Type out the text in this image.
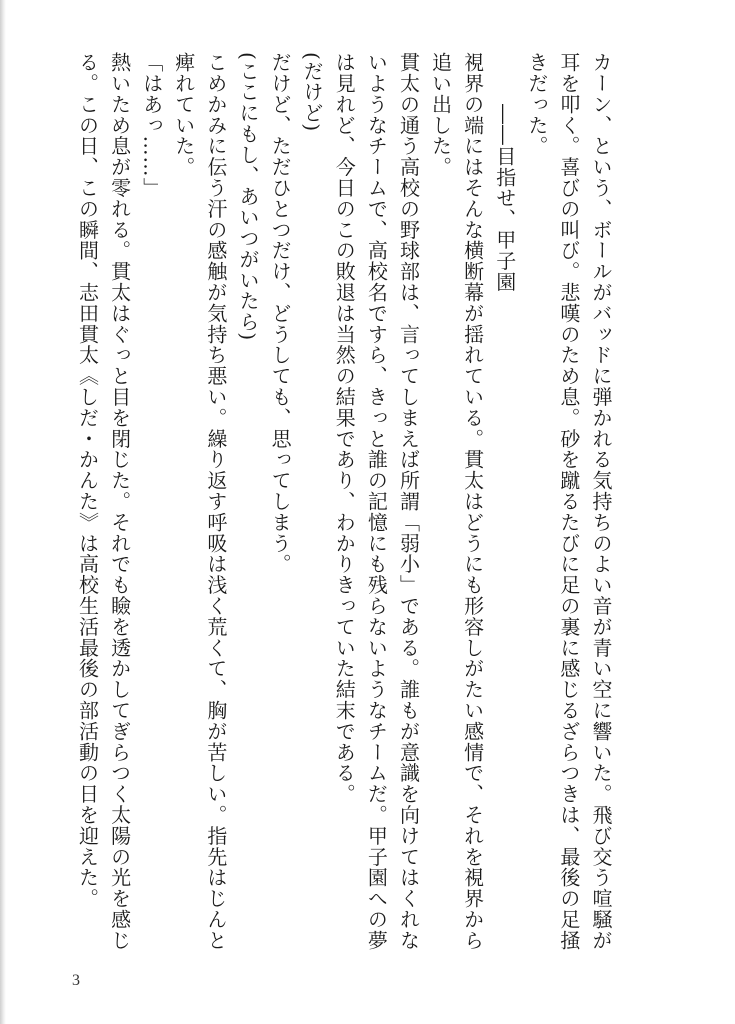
カーン、という、ボールがバッドに弾かれる気持ちのよい音が青い空に響いた。飛び交う喧騒が耳を叩く。喜びの叫び。悲嘆のため息。砂を蹴るたびに足の裏に感じるざらつきは、最後の足掻きだった。

――目指せ、甲子園

視界の端にはそんな横断幕が揺れている。貫太はどうにも形容しがたい感情で、それを視界から追い出した。

貫太の通う高校の野球部は、言ってしまえば所謂「弱小」である。誰もが意識を向けてはくれないようなチームで、高校名ですら、きっと誰の記憶にも残らないようなチームだ。甲子園への夢は見れど、今日のこの敗退は当然の結果であり、わかりきっていた結末である。

(だけど)

だけど、ただひとつだけ、どうしても、思ってしまう。

(ここにもし、あいつがいたら)

こめかみに伝う汗の感触が気持ち悪い。繰り返す呼吸は浅く荒くて、胸が苦しい。指先はじんと痺れていた。

「はあっ……」

熱いため息が零れる。貫太はぐっと目を閉じた。それでも瞼を透かしてぎらつく太陽の光を感じる。この日、この瞬間、志田貫太《しだ・かんた》は高校生活最後の部活動の日を迎えた。

3
